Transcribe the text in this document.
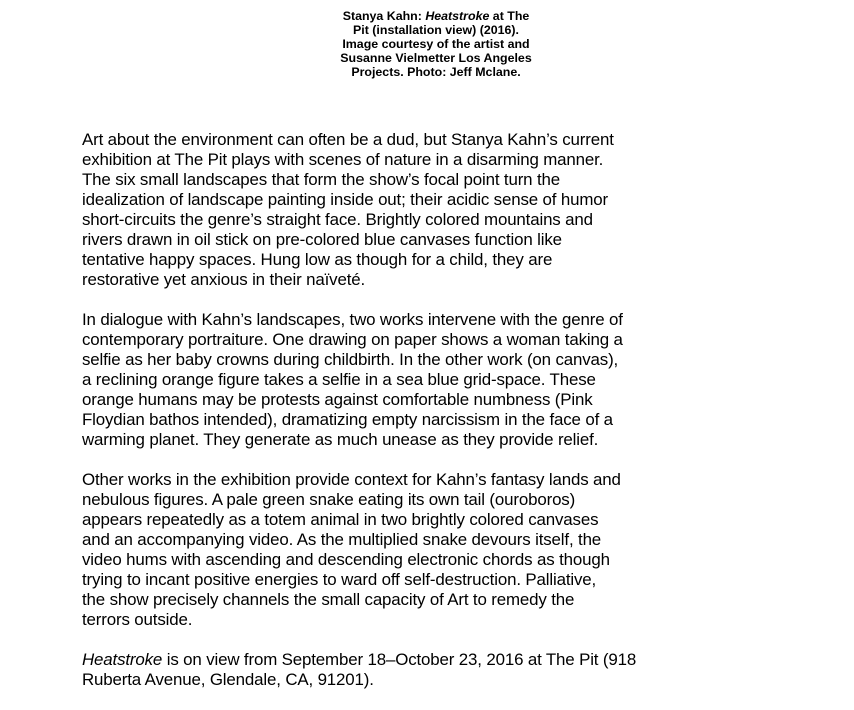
Stanya Kahn: Heatstroke at The
Pit (installation view) (2016).
Image courtesy of the artist and
Susanne Vielmetter Los Angeles
Projects. Photo: Jeff Mclane.

Art about the environment can often be a dud, but Stanya Kahn’s current
exhibition at The Pit plays with scenes of nature in a disarming manner.
The six small landscapes that form the show’s focal point turn the
idealization of landscape painting inside out; their acidic sense of humor
short-circuits the genre’s straight face. Brightly colored mountains and
rivers drawn in oil stick on pre-colored blue canvases function like
tentative happy spaces. Hung low as though for a child, they are
restorative yet anxious in their naïveté.

In dialogue with Kahn’s landscapes, two works intervene with the genre of
contemporary portraiture. One drawing on paper shows a woman taking a
selfie as her baby crowns during childbirth. In the other work (on canvas),
a reclining orange figure takes a selfie in a sea blue grid-space. These
orange humans may be protests against comfortable numbness (Pink
Floydian bathos intended), dramatizing empty narcissism in the face of a
warming planet. They generate as much unease as they provide relief.

Other works in the exhibition provide context for Kahn’s fantasy lands and
nebulous figures. A pale green snake eating its own tail (ouroboros)
appears repeatedly as a totem animal in two brightly colored canvases
and an accompanying video. As the multiplied snake devours itself, the
video hums with ascending and descending electronic chords as though
trying to incant positive energies to ward off self-destruction. Palliative,
the show precisely channels the small capacity of Art to remedy the
terrors outside.

Heatstroke is on view from September 18–October 23, 2016 at The Pit (918
Ruberta Avenue, Glendale, CA, 91201).
